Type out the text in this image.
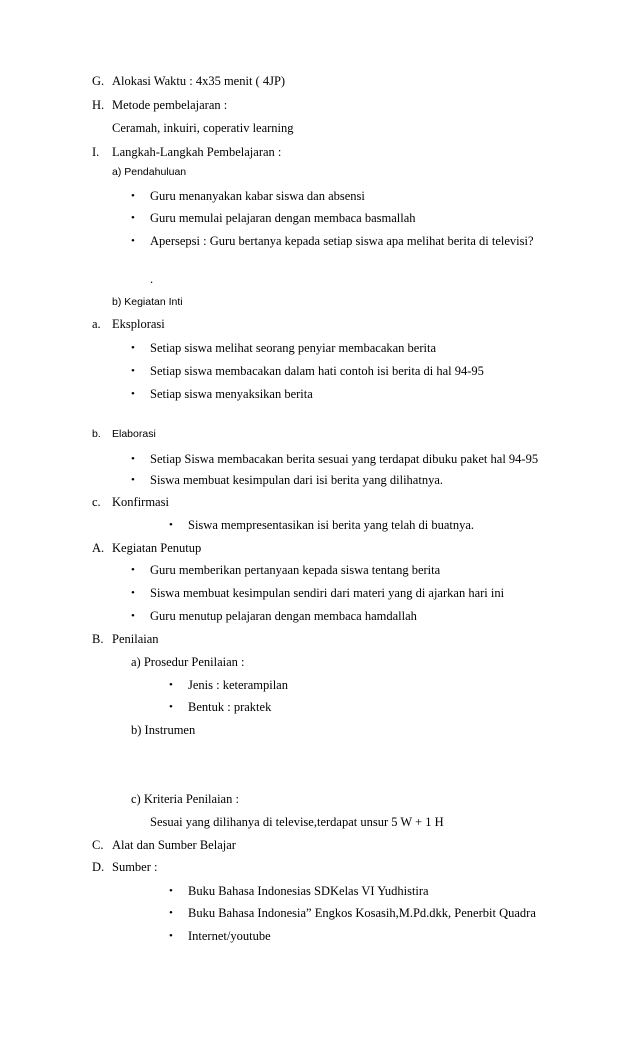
G. Alokasi Waktu : 4x35 menit ( 4JP)
H. Metode pembelajaran :
Ceramah, inkuiri, coperativ learning
I. Langkah-Langkah Pembelajaran :
a) Pendahuluan
• Guru menanyakan kabar siswa dan absensi
• Guru memulai pelajaran dengan membaca basmallah
• Apersepsi : Guru bertanya kepada setiap siswa apa melihat berita di televisi?
.
b) Kegiatan Inti
a. Eksplorasi
• Setiap siswa melihat seorang penyiar membacakan berita
• Setiap siswa membacakan dalam hati contoh isi berita di hal 94-95
• Setiap siswa menyaksikan berita
b. Elaborasi
• Setiap Siswa membacakan berita sesuai yang terdapat dibuku paket hal 94-95
• Siswa membuat kesimpulan dari isi berita yang dilihatnya.
c. Konfirmasi
• Siswa mempresentasikan isi berita yang telah di buatnya.
A. Kegiatan Penutup
• Guru memberikan pertanyaan kepada siswa tentang berita
• Siswa membuat kesimpulan sendiri dari materi yang di ajarkan hari ini
• Guru menutup pelajaran dengan membaca hamdallah
B. Penilaian
a) Prosedur Penilaian :
• Jenis : keterampilan
• Bentuk : praktek
b) Instrumen
c) Kriteria Penilaian :
Sesuai yang dilihanya di televise,terdapat unsur 5 W + 1 H
C. Alat dan Sumber Belajar
D. Sumber :
• Buku Bahasa Indonesias SDKelas VI Yudhistira
• Buku Bahasa Indonesia” Engkos Kosasih,M.Pd.dkk, Penerbit Quadra
• Internet/youtube
